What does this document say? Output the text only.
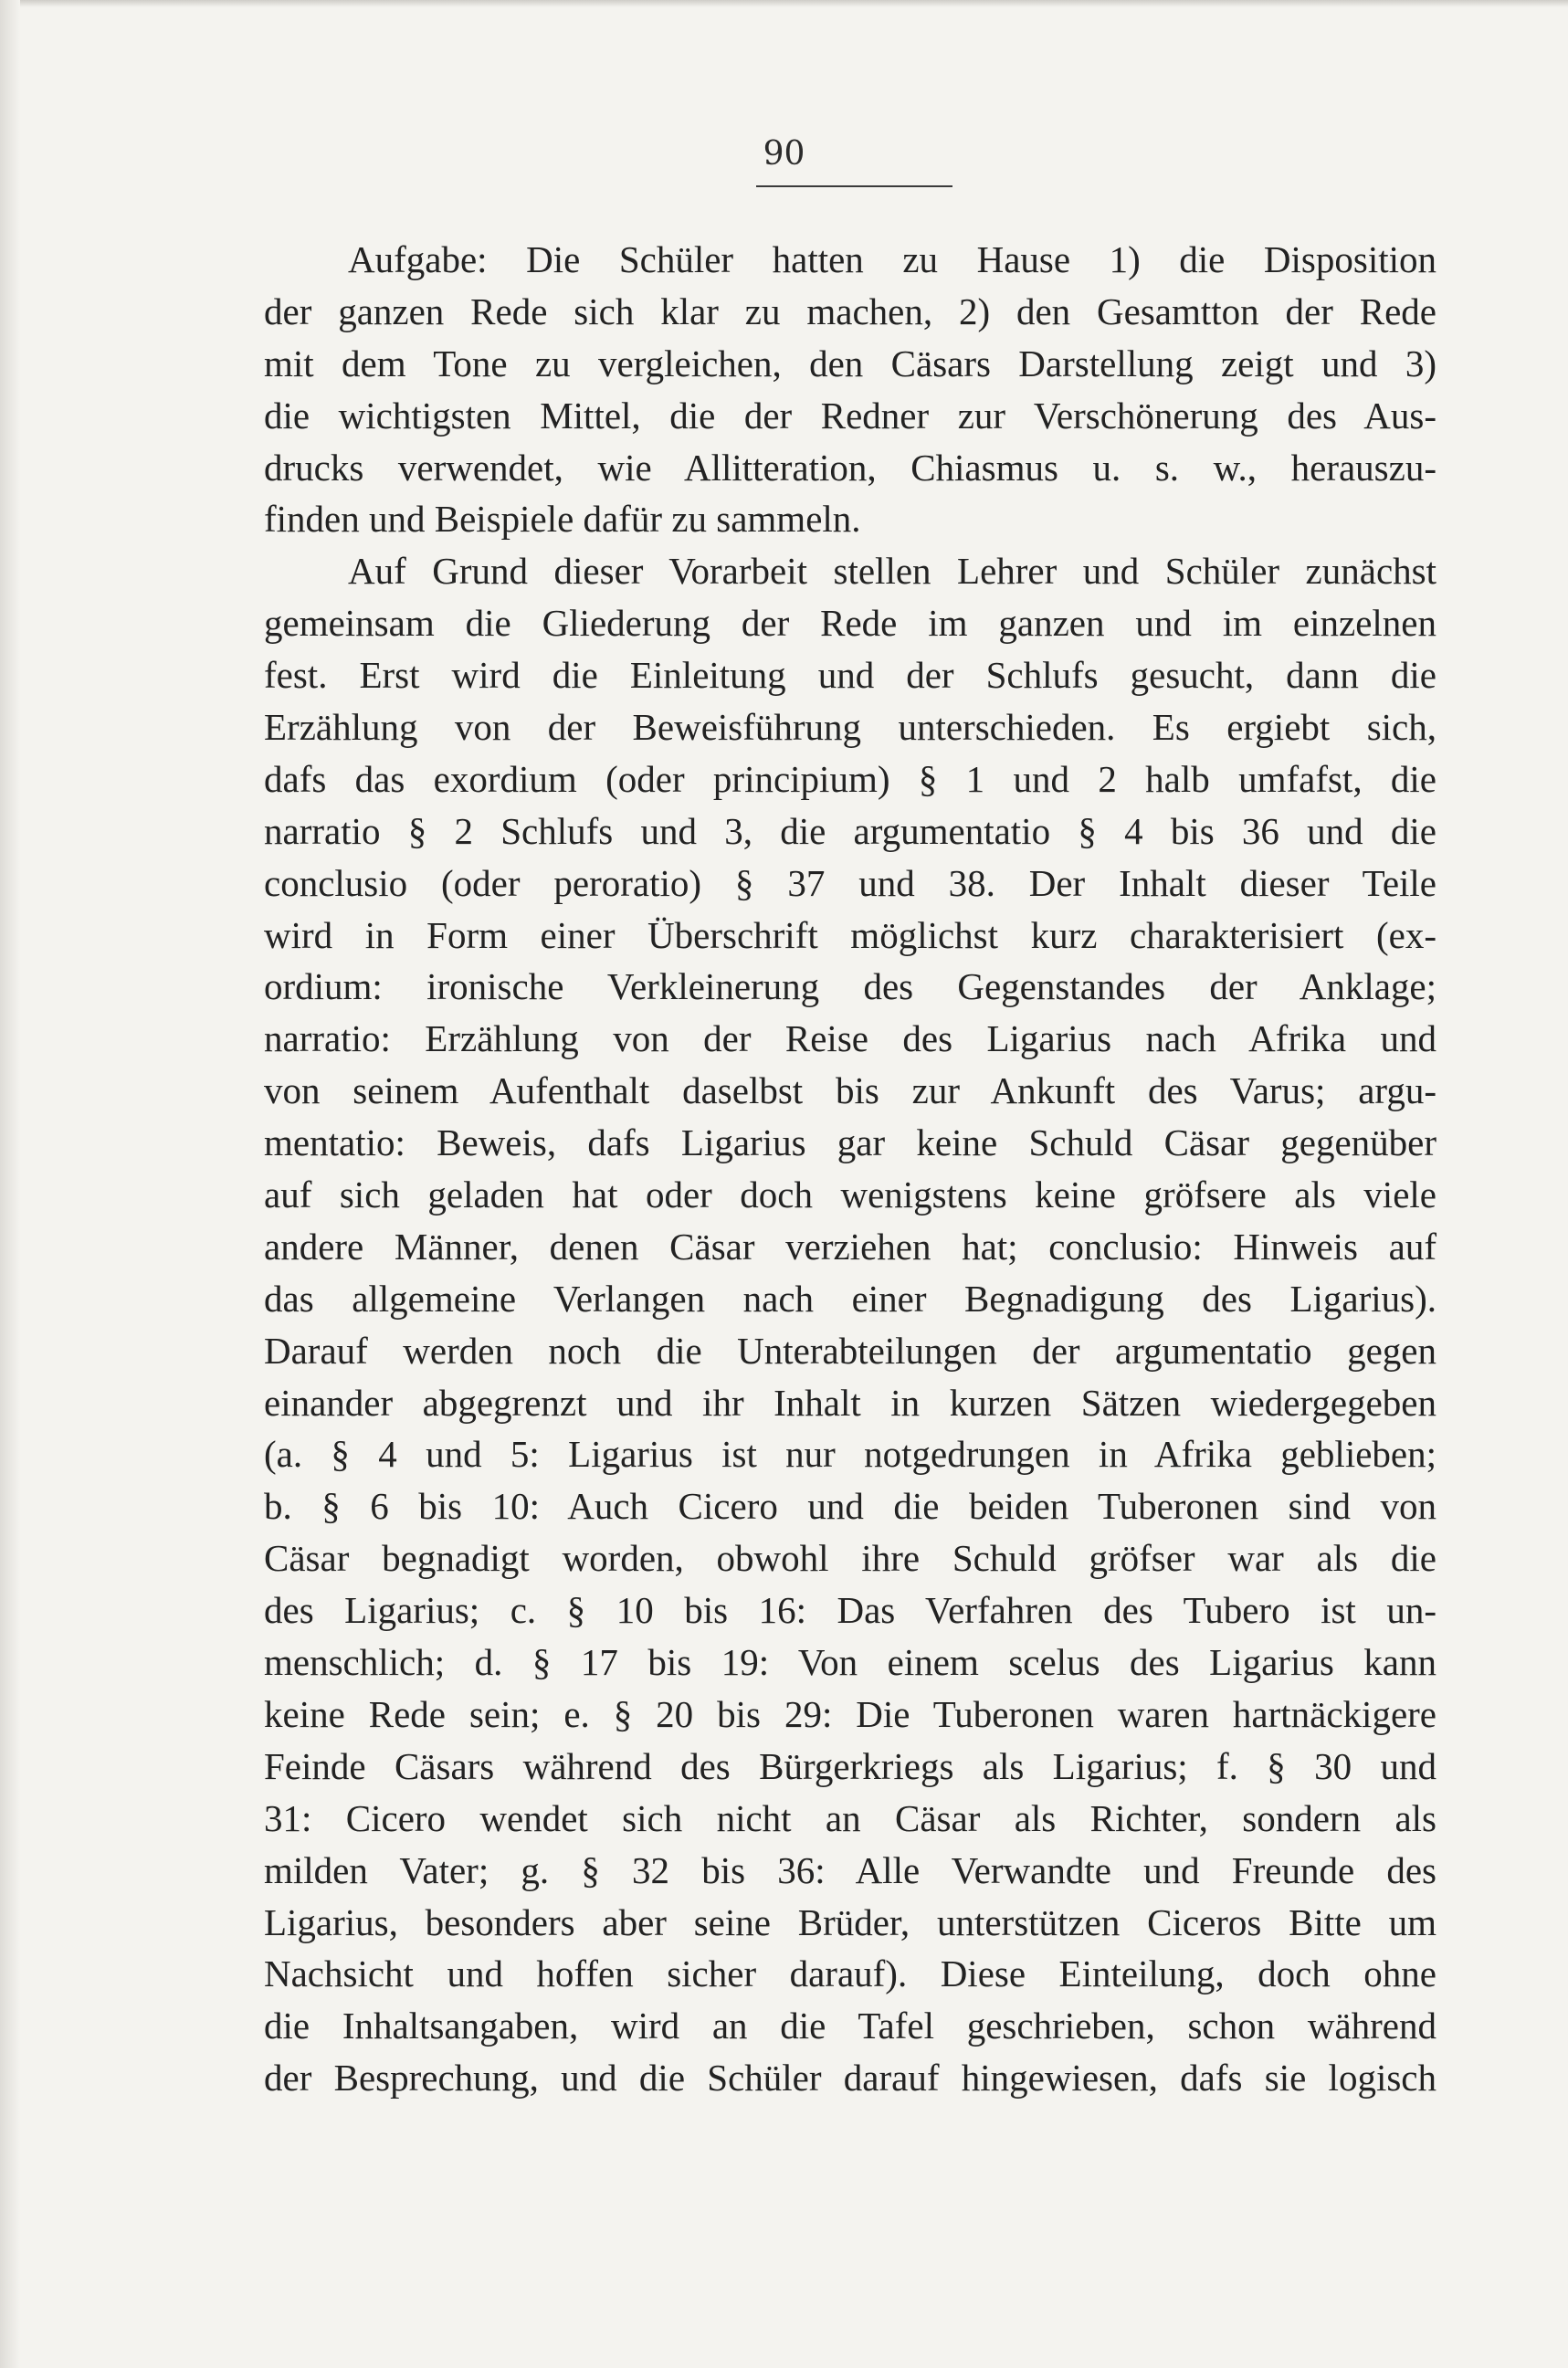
90
Aufgabe: Die Schüler hatten zu Hause 1) die Disposition
der ganzen Rede sich klar zu machen, 2) den Gesamtton der Rede
mit dem Tone zu vergleichen, den Cäsars Darstellung zeigt und 3)
die wichtigsten Mittel, die der Redner zur Verschönerung des Aus-
drucks verwendet, wie Allitteration, Chiasmus u. s. w., herauszu-
finden und Beispiele dafür zu sammeln.
Auf Grund dieser Vorarbeit stellen Lehrer und Schüler zunächst
gemeinsam die Gliederung der Rede im ganzen und im einzelnen
fest. Erst wird die Einleitung und der Schlufs gesucht, dann die
Erzählung von der Beweisführung unterschieden. Es ergiebt sich,
dafs das exordium (oder principium) § 1 und 2 halb umfafst, die
narratio § 2 Schlufs und 3, die argumentatio § 4 bis 36 und die
conclusio (oder peroratio) § 37 und 38. Der Inhalt dieser Teile
wird in Form einer Überschrift möglichst kurz charakterisiert (ex-
ordium: ironische Verkleinerung des Gegenstandes der Anklage;
narratio: Erzählung von der Reise des Ligarius nach Afrika und
von seinem Aufenthalt daselbst bis zur Ankunft des Varus; argu-
mentatio: Beweis, dafs Ligarius gar keine Schuld Cäsar gegenüber
auf sich geladen hat oder doch wenigstens keine gröfsere als viele
andere Männer, denen Cäsar verziehen hat; conclusio: Hinweis auf
das allgemeine Verlangen nach einer Begnadigung des Ligarius).
Darauf werden noch die Unterabteilungen der argumentatio gegen
einander abgegrenzt und ihr Inhalt in kurzen Sätzen wiedergegeben
(a. § 4 und 5: Ligarius ist nur notgedrungen in Afrika geblieben;
b. § 6 bis 10: Auch Cicero und die beiden Tuberonen sind von
Cäsar begnadigt worden, obwohl ihre Schuld gröfser war als die
des Ligarius; c. § 10 bis 16: Das Verfahren des Tubero ist un-
menschlich; d. § 17 bis 19: Von einem scelus des Ligarius kann
keine Rede sein; e. § 20 bis 29: Die Tuberonen waren hartnäckigere
Feinde Cäsars während des Bürgerkriegs als Ligarius; f. § 30 und
31: Cicero wendet sich nicht an Cäsar als Richter, sondern als
milden Vater; g. § 32 bis 36: Alle Verwandte und Freunde des
Ligarius, besonders aber seine Brüder, unterstützen Ciceros Bitte um
Nachsicht und hoffen sicher darauf). Diese Einteilung, doch ohne
die Inhaltsangaben, wird an die Tafel geschrieben, schon während
der Besprechung, und die Schüler darauf hingewiesen, dafs sie logisch
